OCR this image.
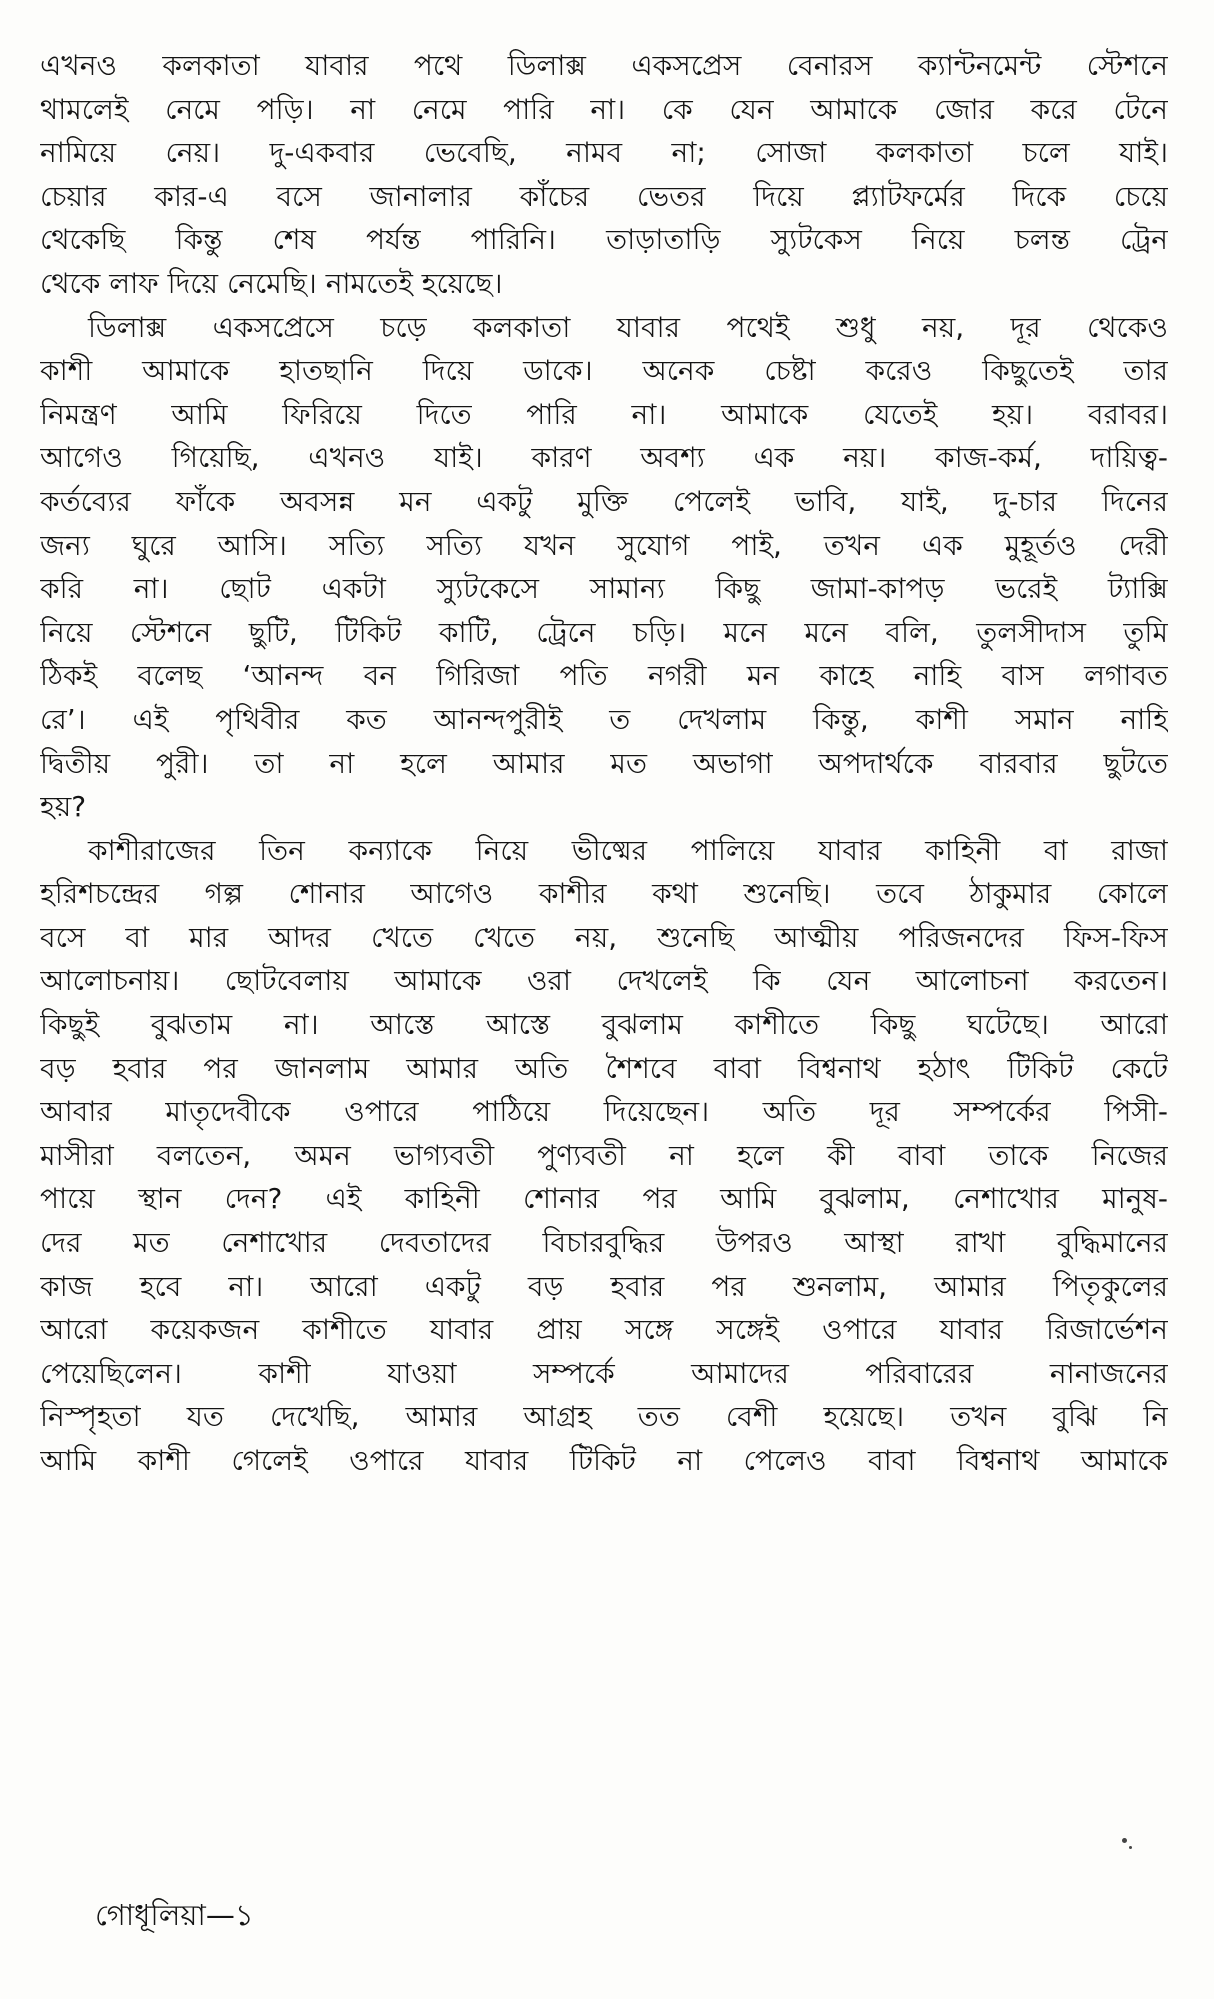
এখনও কলকাতা যাবার পথে ডিলাক্স একসপ্রেস বেনারস ক্যান্টনমেন্ট স্টেশনে
থামলেই নেমে পড়ি। না নেমে পারি না। কে যেন আমাকে জোর করে টেনে
নামিয়ে নেয়। দু-একবার ভেবেছি, নামব না; সোজা কলকাতা চলে যাই।
চেয়ার কার-এ বসে জানালার কাঁচের ভেতর দিয়ে প্ল্যাটফর্মের দিকে চেয়ে
থেকেছি কিন্তু শেষ পর্যন্ত পারিনি। তাড়াতাড়ি স্যুটকেস নিয়ে চলন্ত ট্রেন
থেকে লাফ দিয়ে নেমেছি। নামতেই হয়েছে।
ডিলাক্স একসপ্রেসে চড়ে কলকাতা যাবার পথেই শুধু নয়, দূর থেকেও
কাশী আমাকে হাতছানি দিয়ে ডাকে। অনেক চেষ্টা করেও কিছুতেই তার
নিমন্ত্রণ আমি ফিরিয়ে দিতে পারি না। আমাকে যেতেই হয়। বরাবর।
আগেও গিয়েছি, এখনও যাই। কারণ অবশ্য এক নয়। কাজ-কর্ম, দায়িত্ব-
কর্তব্যের ফাঁকে অবসন্ন মন একটু মুক্তি পেলেই ভাবি, যাই, দু-চার দিনের
জন্য ঘুরে আসি। সত্যি সত্যি যখন সুযোগ পাই, তখন এক মুহূর্তও দেরী
করি না। ছোট একটা স্যুটকেসে সামান্য কিছু জামা-কাপড় ভরেই ট্যাক্সি
নিয়ে স্টেশনে ছুটি, টিকিট কাটি, ট্রেনে চড়ি। মনে মনে বলি, তুলসীদাস তুমি
ঠিকই বলেছ ‘আনন্দ বন গিরিজা পতি নগরী মন কাহে নাহি বাস লগাবত
রে’। এই পৃথিবীর কত আনন্দপুরীই ত দেখলাম কিন্তু, কাশী সমান নাহি
দ্বিতীয় পুরী। তা না হলে আমার মত অভাগা অপদার্থকে বারবার ছুটতে
হয়?
কাশীরাজের তিন কন্যাকে নিয়ে ভীষ্মের পালিয়ে যাবার কাহিনী বা রাজা
হরিশচন্দ্রের গল্প শোনার আগেও কাশীর কথা শুনেছি। তবে ঠাকুমার কোলে
বসে বা মার আদর খেতে খেতে নয়, শুনেছি আত্মীয় পরিজনদের ফিস-ফিস
আলোচনায়। ছোটবেলায় আমাকে ওরা দেখলেই কি যেন আলোচনা করতেন।
কিছুই বুঝতাম না। আস্তে আস্তে বুঝলাম কাশীতে কিছু ঘটেছে। আরো
বড় হবার পর জানলাম আমার অতি শৈশবে বাবা বিশ্বনাথ হঠাৎ টিকিট কেটে
আবার মাতৃদেবীকে ওপারে পাঠিয়ে দিয়েছেন। অতি দূর সম্পর্কের পিসী-
মাসীরা বলতেন, অমন ভাগ্যবতী পুণ্যবতী না হলে কী বাবা তাকে নিজের
পায়ে স্থান দেন? এই কাহিনী শোনার পর আমি বুঝলাম, নেশাখোর মানুষ-
দের মত নেশাখোর দেবতাদের বিচারবুদ্ধির উপরও আস্থা রাখা বুদ্ধিমানের
কাজ হবে না। আরো একটু বড় হবার পর শুনলাম, আমার পিতৃকুলের
আরো কয়েকজন কাশীতে যাবার প্রায় সঙ্গে সঙ্গেই ওপারে যাবার রিজার্ভেশন
পেয়েছিলেন। কাশী যাওয়া সম্পর্কে আমাদের পরিবারের নানাজনের
নিস্পৃহতা যত দেখেছি, আমার আগ্রহ তত বেশী হয়েছে। তখন বুঝি নি
আমি কাশী গেলেই ওপারে যাবার টিকিট না পেলেও বাবা বিশ্বনাথ আমাকে
গোধূলিয়া—১
